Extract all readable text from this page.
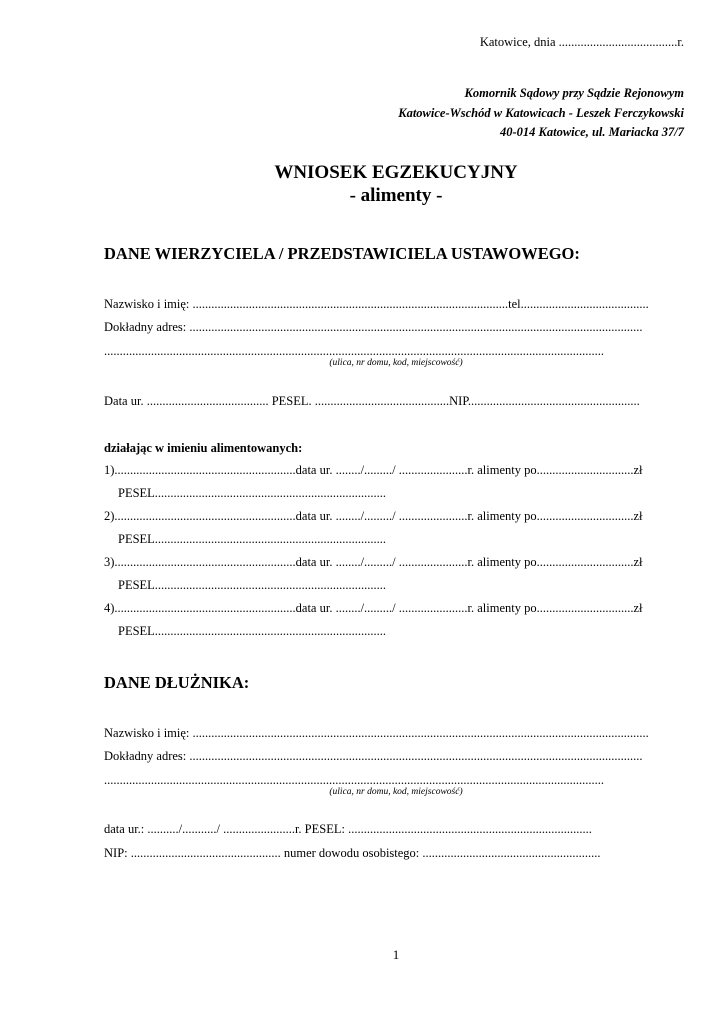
Katowice, dnia ......................................r.
Komornik Sądowy przy Sądzie Rejonowym
Katowice-Wschód w Katowicach - Leszek Ferczykowski
40-014 Katowice, ul. Mariacka 37/7
WNIOSEK EGZEKUCYJNY
- alimenty -
DANE WIERZYCIELA / PRZEDSTAWICIELA USTAWOWEGO:
Nazwisko i imię: .....................................................................................................tel.........................................
Dokładny adres: .................................................................................................................................................
................................................................................................................................................................
(ulica, nr domu, kod, miejscowość)
Data ur. ....................................... PESEL. ...........................................NIP.......................................................
działając w imieniu alimentowanych:
1)..........................................................data ur. ......../........./ ......................r. alimenty po...............................zł
PESEL..........................................................................
2)..........................................................data ur. ......../........./ ......................r. alimenty po...............................zł
PESEL..........................................................................
3)..........................................................data ur. ......../........./ ......................r. alimenty po...............................zł
PESEL..........................................................................
4)..........................................................data ur. ......../........./ ......................r. alimenty po...............................zł
PESEL..........................................................................
DANE DŁUŻNIKA:
Nazwisko i imię: ..................................................................................................................................................
Dokładny adres: .................................................................................................................................................
................................................................................................................................................................
(ulica, nr domu, kod, miejscowość)
data ur.: ........../.........../ .......................r. PESEL: ..............................................................................
NIP: ................................................ numer dowodu osobistego: .........................................................
1
